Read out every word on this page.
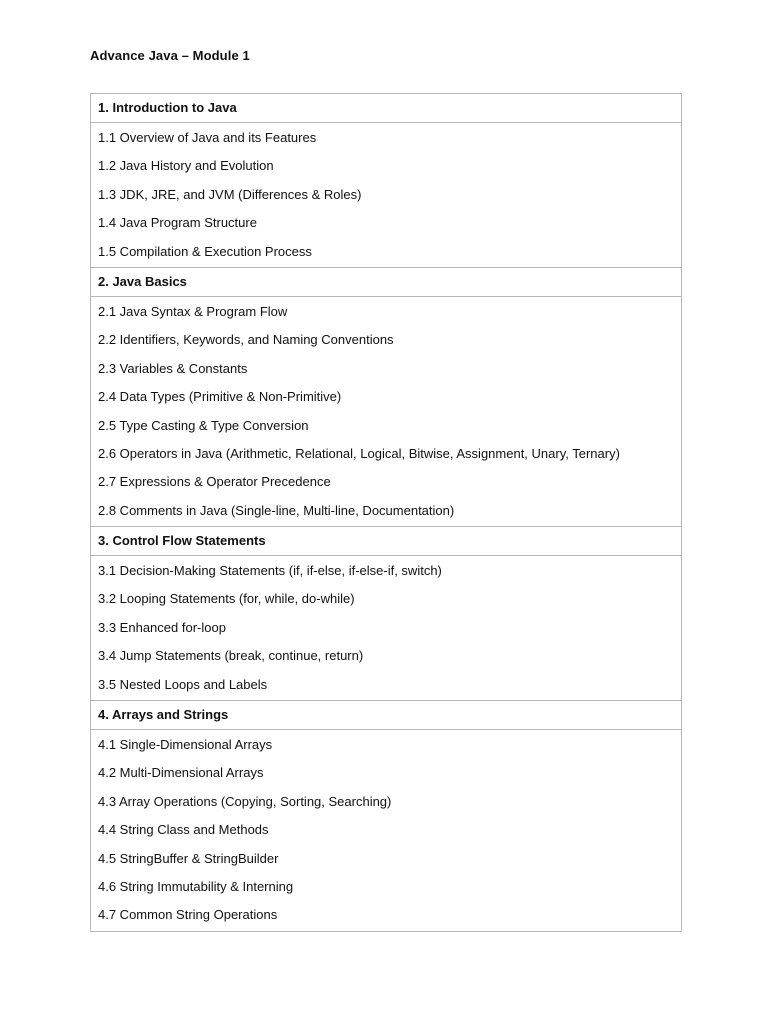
Advance Java – Module 1
1. Introduction to Java
1.1 Overview of Java and its Features
1.2 Java History and Evolution
1.3 JDK, JRE, and JVM (Differences & Roles)
1.4 Java Program Structure
1.5 Compilation & Execution Process
2. Java Basics
2.1 Java Syntax & Program Flow
2.2 Identifiers, Keywords, and Naming Conventions
2.3 Variables & Constants
2.4 Data Types (Primitive & Non-Primitive)
2.5 Type Casting & Type Conversion
2.6 Operators in Java (Arithmetic, Relational, Logical, Bitwise, Assignment, Unary, Ternary)
2.7 Expressions & Operator Precedence
2.8 Comments in Java (Single-line, Multi-line, Documentation)
3. Control Flow Statements
3.1 Decision-Making Statements (if, if-else, if-else-if, switch)
3.2 Looping Statements (for, while, do-while)
3.3 Enhanced for-loop
3.4 Jump Statements (break, continue, return)
3.5 Nested Loops and Labels
4. Arrays and Strings
4.1 Single-Dimensional Arrays
4.2 Multi-Dimensional Arrays
4.3 Array Operations (Copying, Sorting, Searching)
4.4 String Class and Methods
4.5 StringBuffer & StringBuilder
4.6 String Immutability & Interning
4.7 Common String Operations
